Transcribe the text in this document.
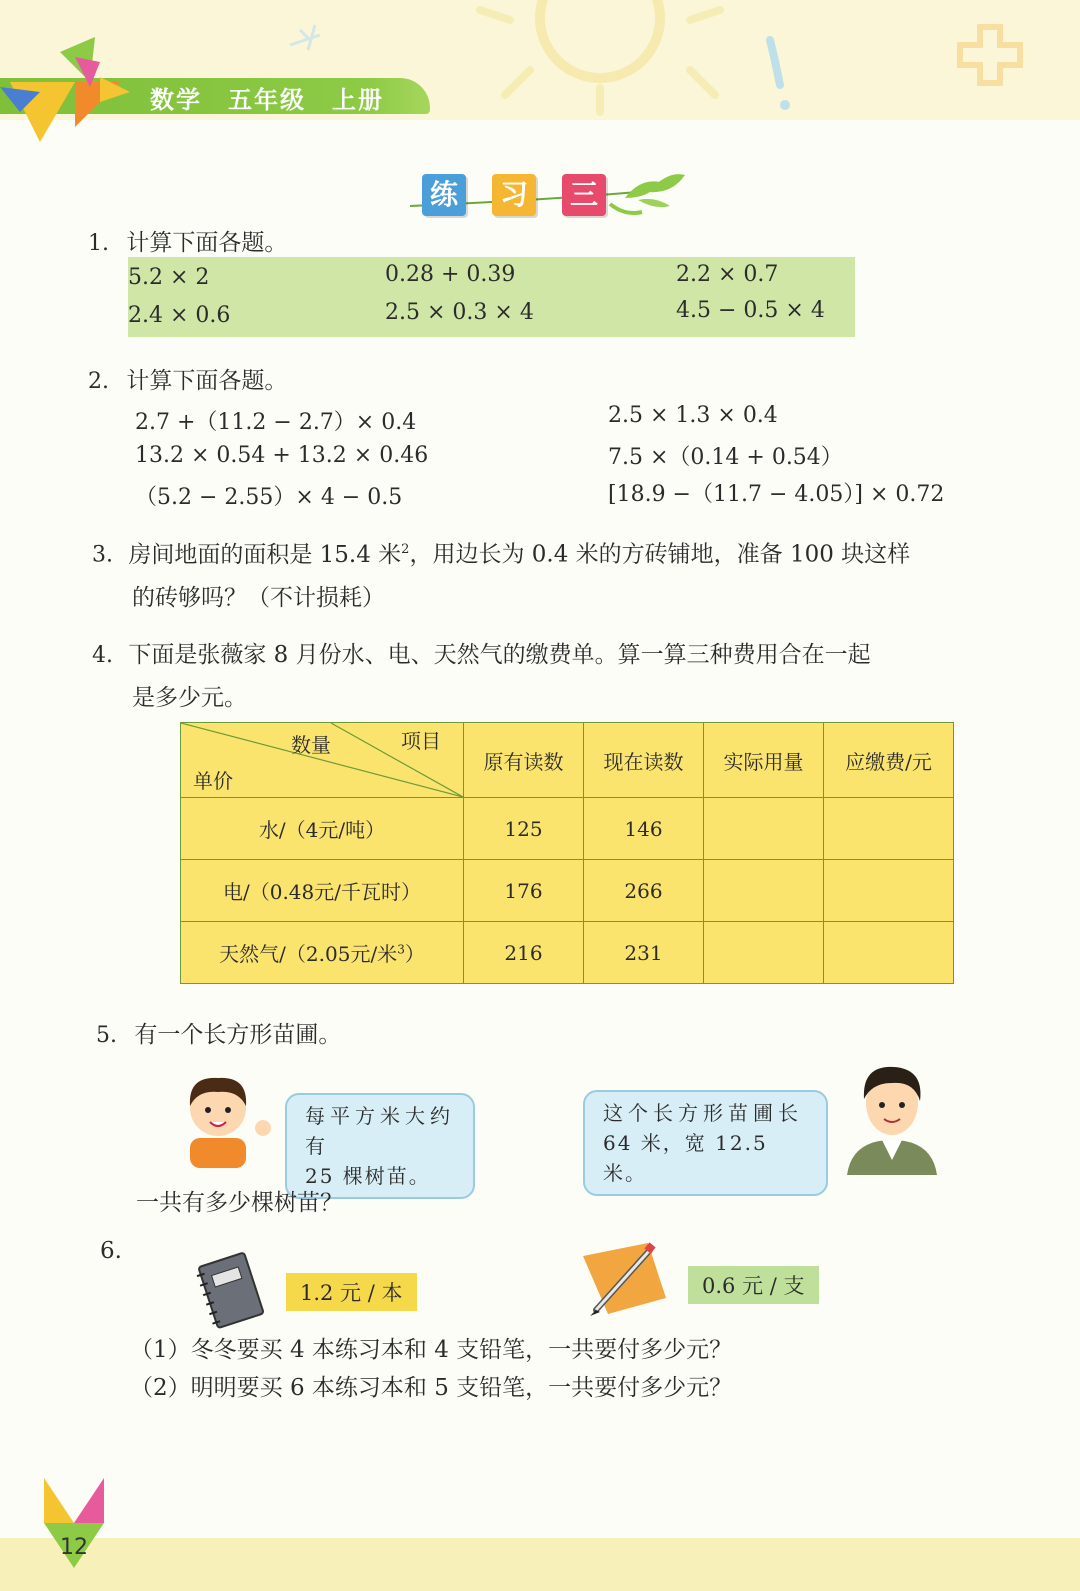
数学　五年级　上册
练 习 三
1. 计算下面各题。
5.2 × 2	0.28 + 0.39	2.2 × 0.7
2.4 × 0.6	2.5 × 0.3 × 4	4.5 − 0.5 × 4
2. 计算下面各题。
2.7 +（11.2 − 2.7）× 0.4
13.2 × 0.54 + 13.2 × 0.46
（5.2 − 2.55）× 4 − 0.5
2.5 × 1.3 × 0.4
7.5 ×（0.14 + 0.54）
[18.9 −（11.7 − 4.05）] × 0.72
3. 房间地面的面积是 15.4 米$^2$，用边长为 0.4 米的方砖铺地，准备 100 块这样
的砖够吗？（不计损耗）
4. 下面是张薇家 8 月份水、电、天然气的缴费单。算一算三种费用合在一起
是多少元。
数量 项目
单价	原有读数	现在读数	实际用量	应缴费/元
水/（4元/吨）	125	146		
电/（0.48元/千瓦时）	176	266		
天然气/（2.05元/米$^3$）	216	231		
5. 有一个长方形苗圃。
每平方米大约有
25 棵树苗。
这个长方形苗圃长
64 米，宽 12.5 米。
一共有多少棵树苗？
6.
1.2 元 / 本	0.6 元 / 支
（1）冬冬要买 4 本练习本和 4 支铅笔，一共要付多少元？
（2）明明要买 6 本练习本和 5 支铅笔，一共要付多少元？
12
